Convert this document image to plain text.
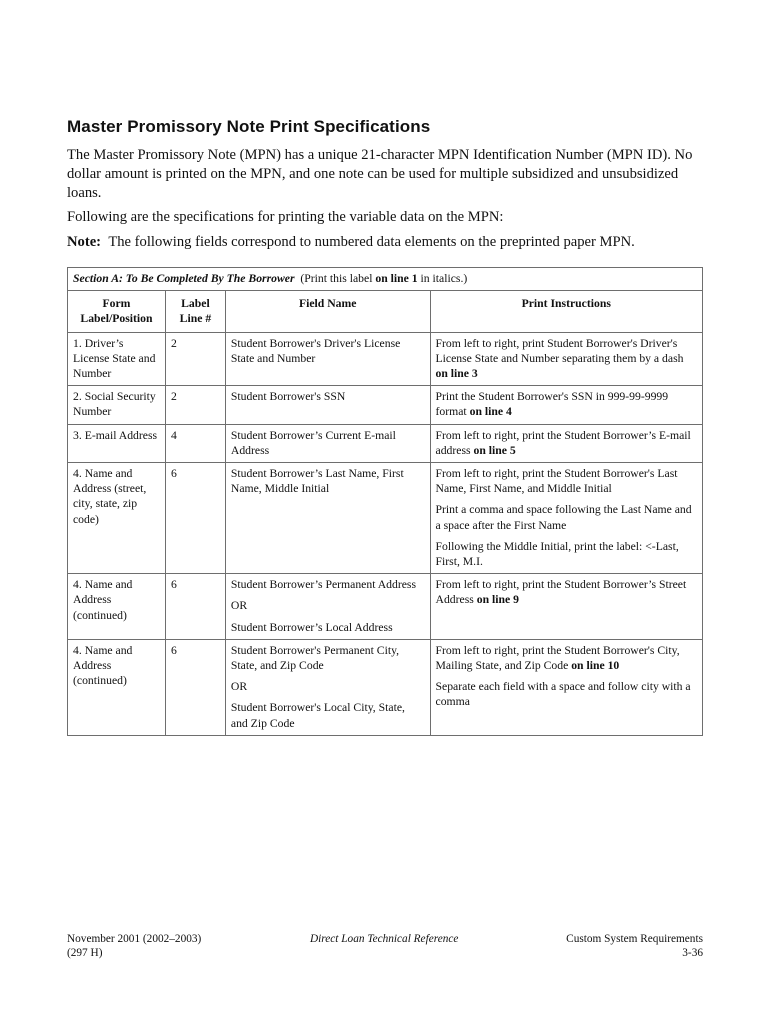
Master Promissory Note Print Specifications
The Master Promissory Note (MPN) has a unique 21-character MPN Identification Number (MPN ID). No dollar amount is printed on the MPN, and one note can be used for multiple subsidized and unsubsidized loans.
Following are the specifications for printing the variable data on the MPN:
Note: The following fields correspond to numbered data elements on the preprinted paper MPN.
Section A: To Be Completed By The Borrower (Print this label on line 1 in italics.)			
Form Label/Position	Label Line #	Field Name	Print Instructions
1. Driver’s License State and Number	2	Student Borrower's Driver's License State and Number	From left to right, print Student Borrower's Driver's License State and Number separating them by a dash on line 3

2. Social Security Number	2	Student Borrower's SSN	Print the Student Borrower's SSN in 999-99-9999 format on line 4

3. E-mail Address	4	Student Borrower’s Current E-mail Address	From left to right, print the Student Borrower’s E-mail address on line 5

4. Name and Address (street, city, state, zip code)	6	Student Borrower’s Last Name, First Name, Middle Initial	From left to right, print the Student Borrower's Last Name, First Name, and Middle Initial
Print a comma and space following the Last Name and a space after the First Name
Following the Middle Initial, print the label: <-Last, First, M.I.

4. Name and Address (continued)	6	Student Borrower’s Permanent Address
OR
Student Borrower’s Local Address	From left to right, print the Student Borrower’s Street Address on line 9

4. Name and Address (continued)	6	Student Borrower's Permanent City, State, and Zip Code
OR
Student Borrower's Local City, State, and Zip Code	From left to right, print the Student Borrower's City, Mailing State, and Zip Code on line 10
Separate each field with a space and follow city with a comma
November 2001 (2002–2003)
(297 H)
Direct Loan Technical Reference	Custom System Requirements
3-36
